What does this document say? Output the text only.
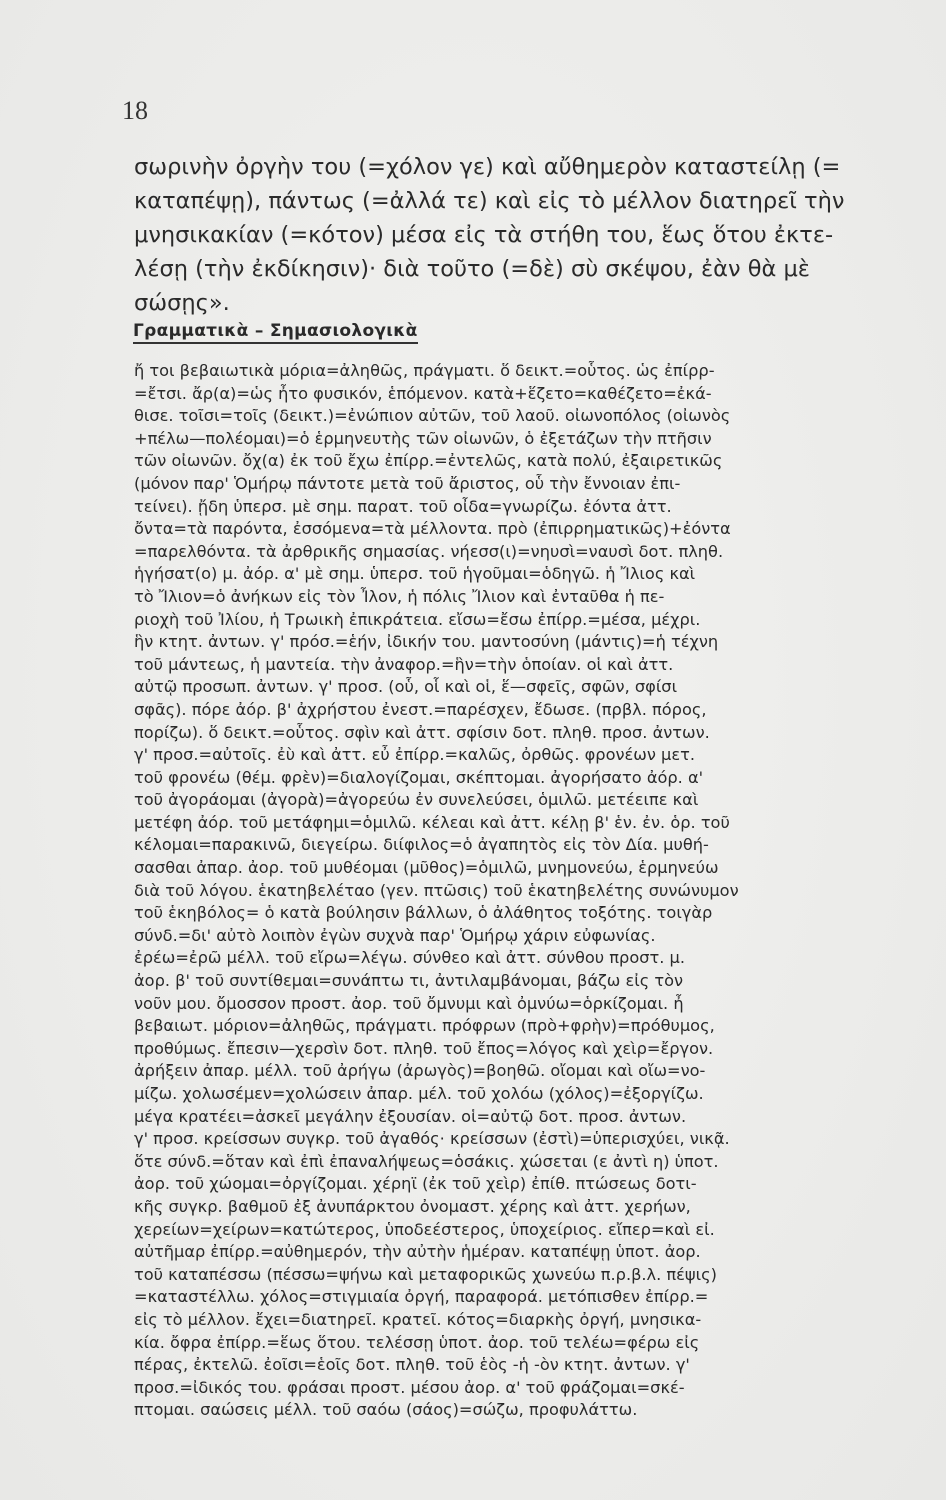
18
σωρινὴν ὀργὴν του (=χόλον γε) καὶ αὔθημερὸν καταστείλῃ (=
καταπέψῃ), πάντως (=ἀλλά τε) καὶ εἰς τὸ μέλλον διατηρεῖ τὴν
μνησικακίαν (=κότον) μέσα εἰς τὰ στήθη του, ἕως ὅτου ἐκτε-
λέσῃ (τὴν ἐκδίκησιν)· διὰ τοῦτο (=δὲ) σὺ σκέψου, ἐὰν θὰ μὲ
σώσῃς».
Γραμματικὰ – Σημασιολογικὰ
ἤ τοι βεβαιωτικὰ μόρια=ἀληθῶς, πράγματι. ὅ δεικτ.=οὗτος. ὡς ἐπίρρ-
=ἔτσι. ἄρ(α)=ὡς ἦτο φυσικόν, ἑπόμενον. κατὰ+ἕζετο=καθέζετο=ἐκά-
θισε. τοῖσι=τοῖς (δεικτ.)=ἐνώπιον αὐτῶν, τοῦ λαοῦ. οἰωνοπόλος (οἰωνὸς
+πέλω—πολέομαι)=ὁ ἑρμηνευτὴς τῶν οἰωνῶν, ὁ ἐξετάζων τὴν πτῆσιν
τῶν οἰωνῶν. ὄχ(α) ἐκ τοῦ ἔχω ἐπίρρ.=ἐντελῶς, κατὰ πολύ, ἐξαιρετικῶς
(μόνον παρ' Ὁμήρῳ πάντοτε μετὰ τοῦ ἄριστος, οὗ τὴν ἔννοιαν ἐπι-
τείνει). ᾔδη ὑπερσ. μὲ σημ. παρατ. τοῦ οἶδα=γνωρίζω. ἐόντα ἀττ.
ὄντα=τὰ παρόντα, ἐσσόμενα=τὰ μέλλοντα. πρὸ (ἐπιρρηματικῶς)+ἐόντα
=παρελθόντα. τὰ ἀρθρικῆς σημασίας. νήεσσ(ι)=νηυσὶ=ναυσὶ δοτ. πληθ.
ἡγήσατ(ο) μ. ἀόρ. α' μὲ σημ. ὑπερσ. τοῦ ἡγοῦμαι=ὁδηγῶ. ἡ Ἴλιος καὶ
τὸ Ἴλιον=ὁ ἀνήκων εἰς τὸν Ἶλον, ἡ πόλις Ἴλιον καὶ ἐνταῦθα ἡ πε-
ριοχὴ τοῦ Ἰλίου, ἡ Τρωικὴ ἐπικράτεια. εἴσω=ἔσω ἐπίρρ.=μέσα, μέχρι.
ἣν κτητ. ἀντων. γ' πρόσ.=ἑήν, ἰδικήν του. μαντοσύνη (μάντις)=ἡ τέχνη
τοῦ μάντεως, ἡ μαντεία. τὴν ἀναφορ.=ἣν=τὴν ὁποίαν. οἱ καὶ ἀττ.
αὐτῷ προσωπ. ἀντων. γ' προσ. (οὗ, οἷ καὶ οἱ, ἕ—σφεῖς, σφῶν, σφίσι
σφᾶς). πόρε ἀόρ. β' ἀχρήστου ἐνεστ.=παρέσχεν, ἔδωσε. (πρβλ. πόρος,
πορίζω). ὅ δεικτ.=οὗτος. σφὶν καὶ ἀττ. σφίσιν δοτ. πληθ. προσ. ἀντων.
γ' προσ.=αὐτοῖς. ἐὺ καὶ ἀττ. εὖ ἐπίρρ.=καλῶς, ὀρθῶς. φρονέων μετ.
τοῦ φρονέω (θέμ. φρὲν)=διαλογίζομαι, σκέπτομαι. ἀγορήσατο ἀόρ. α'
τοῦ ἀγοράομαι (ἀγορὰ)=ἀγορεύω ἐν συνελεύσει, ὁμιλῶ. μετέειπε καὶ
μετέφη ἀόρ. τοῦ μετάφημι=ὁμιλῶ. κέλεαι καὶ ἀττ. κέλῃ β' ἑν. ἐν. ὁρ. τοῦ
κέλομαι=παρακινῶ, διεγείρω. διίφιλος=ὁ ἀγαπητὸς εἰς τὸν Δία. μυθή-
σασθαι ἀπαρ. ἀορ. τοῦ μυθέομαι (μῦθος)=ὁμιλῶ, μνημονεύω, ἑρμηνεύω
διὰ τοῦ λόγου. ἑκατηβελέταο (γεν. πτῶσις) τοῦ ἑκατηβελέτης συνώνυμον
τοῦ ἑκηβόλος= ὁ κατὰ βούλησιν βάλλων, ὁ ἀλάθητος τοξότης. τοιγὰρ
σύνδ.=δι' αὐτὸ λοιπὸν ἐγὼν συχνὰ παρ' Ὁμήρῳ χάριν εὐφωνίας.
ἐρέω=ἐρῶ μέλλ. τοῦ εἴρω=λέγω. σύνθεο καὶ ἀττ. σύνθου προστ. μ.
ἀορ. β' τοῦ συντίθεμαι=συνάπτω τι, ἀντιλαμβάνομαι, βάζω εἰς τὸν
νοῦν μου. ὄμοσσον προστ. ἀορ. τοῦ ὄμνυμι καὶ ὀμνύω=ὁρκίζομαι. ἦ
βεβαιωτ. μόριον=ἀληθῶς, πράγματι. πρόφρων (πρὸ+φρὴν)=πρόθυμος,
προθύμως. ἔπεσιν—χερσὶν δοτ. πληθ. τοῦ ἔπος=λόγος καὶ χεὶρ=ἔργον.
ἀρήξειν ἀπαρ. μέλλ. τοῦ ἀρήγω (ἀρωγὸς)=βοηθῶ. οἴομαι καὶ οἴω=νο-
μίζω. χολωσέμεν=χολώσειν ἀπαρ. μέλ. τοῦ χολόω (χόλος)=ἐξοργίζω.
μέγα κρατέει=ἀσκεῖ μεγάλην ἐξουσίαν. οἱ=αὐτῷ δοτ. προσ. ἀντων.
γ' προσ. κρείσσων συγκρ. τοῦ ἀγαθός· κρείσσων (ἐστὶ)=ὑπερισχύει, νικᾷ.
ὅτε σύνδ.=ὅταν καὶ ἐπὶ ἐπαναλήψεως=ὁσάκις. χώσεται (ε ἀντὶ η) ὑποτ.
ἀορ. τοῦ χώομαι=ὀργίζομαι. χέρηϊ (ἐκ τοῦ χεὶρ) ἐπίθ. πτώσεως δοτι-
κῆς συγκρ. βαθμοῦ ἐξ ἀνυπάρκτου ὀνομαστ. χέρης καὶ ἀττ. χερήων,
χερείων=χείρων=κατώτερος, ὑποδεέστερος, ὑποχείριος. εἴπερ=καὶ εἰ.
αὐτῆμαρ ἐπίρρ.=αὐθημερόν, τὴν αὐτὴν ἡμέραν. καταπέψῃ ὑποτ. ἀορ.
τοῦ καταπέσσω (πέσσω=ψήνω καὶ μεταφορικῶς χωνεύω π.ρ.β.λ. πέψις)
=καταστέλλω. χόλος=στιγμιαία ὀργή, παραφορά. μετόπισθεν ἐπίρρ.=
εἰς τὸ μέλλον. ἔχει=διατηρεῖ. κρατεῖ. κότος=διαρκὴς ὀργή, μνησικα-
κία. ὄφρα ἐπίρρ.=ἕως ὅτου. τελέσσῃ ὑποτ. ἀορ. τοῦ τελέω=φέρω εἰς
πέρας, ἐκτελῶ. ἐοῖσι=ἑοῖς δοτ. πληθ. τοῦ ἑὸς -ἡ -ὸν κτητ. ἀντων. γ'
προσ.=ἰδικός του. φράσαι προστ. μέσου ἀορ. α' τοῦ φράζομαι=σκέ-
πτομαι. σαώσεις μέλλ. τοῦ σαόω (σάος)=σώζω, προφυλάττω.
